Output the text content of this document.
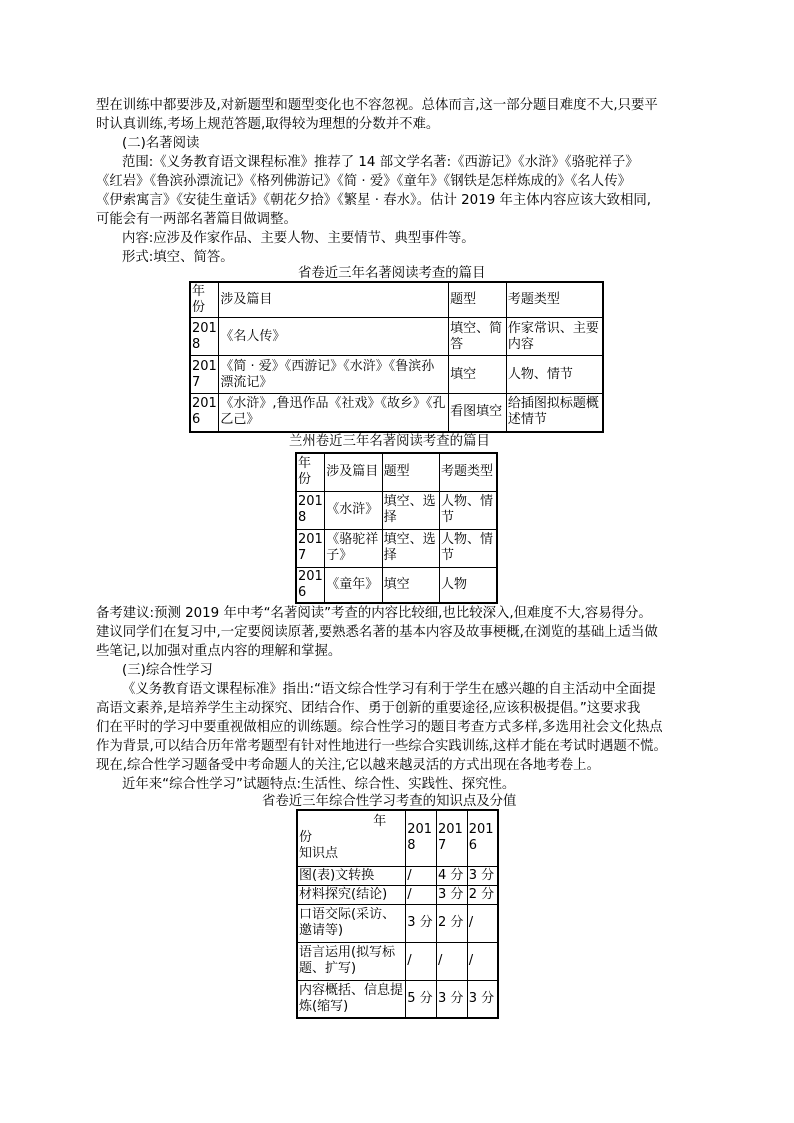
型在训练中都要涉及,对新题型和题型变化也不容忽视。总体而言,这一部分题目难度不大,只要平
时认真训练,考场上规范答题,取得较为理想的分数并不难。
(二)名著阅读
范围:《义务教育语文课程标准》推荐了 14 部文学名著:《西游记》《水浒》《骆驼祥子》
《红岩》《鲁滨孙漂流记》《格列佛游记》《简 · 爱》《童年》《钢铁是怎样炼成的》《名人传》
《伊索寓言》《安徒生童话》《朝花夕拾》《繁星 · 春水》。估计 2019 年主体内容应该大致相同,
可能会有一两部名著篇目做调整。
内容:应涉及作家作品、主要人物、主要情节、典型事件等。
形式:填空、简答。
省卷近三年名著阅读考查的篇目
年份	涉及篇目	题型	考题类型
2018	《名人传》	填空、简答	作家常识、主要内容
2017	《简 · 爱》《西游记》《水浒》《鲁滨孙漂流记》	填空	人物、情节
2016	《水浒》,鲁迅作品《社戏》《故乡》《孔乙己》	看图填空	给插图拟标题概述情节
兰州卷近三年名著阅读考查的篇目
年份	涉及篇目	题型	考题类型
2018	《水浒》	填空、选择	人物、情节
2017	《骆驼祥子》	填空、选择	人物、情节
2016	《童年》	填空	人物
备考建议:预测 2019 年中考“名著阅读”考查的内容比较细,也比较深入,但难度不大,容易得分。
建议同学们在复习中,一定要阅读原著,要熟悉名著的基本内容及故事梗概,在浏览的基础上适当做
些笔记,以加强对重点内容的理解和掌握。
(三)综合性学习
《义务教育语文课程标准》指出:“语文综合性学习有利于学生在感兴趣的自主活动中全面提
高语文素养,是培养学生主动探究、团结合作、勇于创新的重要途径,应该积极提倡。”这要求我
们在平时的学习中要重视做相应的训练题。综合性学习的题目考查方式多样,多选用社会文化热点
作为背景,可以结合历年常考题型有针对性地进行一些综合实践训练,这样才能在考试时遇题不慌。
现在,综合性学习题备受中考命题人的关注,它以越来越灵活的方式出现在各地考卷上。
近年来“综合性学习”试题特点:生活性、综合性、实践性、探究性。
省卷近三年综合性学习考查的知识点及分值
年
份
知识点	2018	2017	2016
图(表)文转换	/	4 分	3 分
材料探究(结论)	/	3 分	2 分
口语交际(采访、邀请等)	3 分	2 分	/
语言运用(拟写标题、扩写)	/	/	/
内容概括、信息提炼(缩写)	5 分	3 分	3 分
